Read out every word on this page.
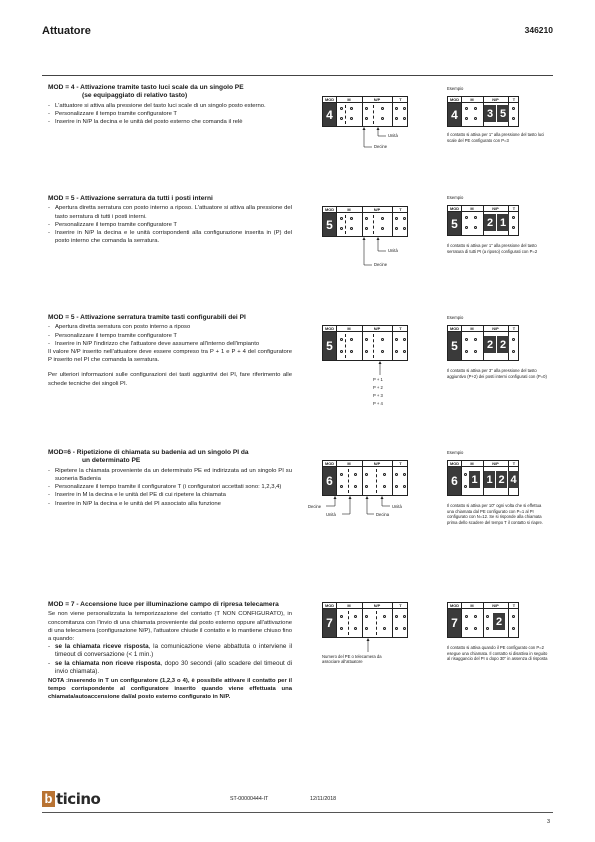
Attuatore	346210
MOD = 4 - Attivazione tramite tasto luci scale da un singolo PE
(se equipaggiato di relativo tasto)

- L'attuatore si attiva alla pressione del tasto luci scale di un singolo posto esterno.

- Personalizzare il tempo tramite configuratore T

- Inserire in N/P la decina e le unità del posto esterno che comanda il relè

MOD	M	N/P	T
4
Unità
Decine
Esempio
MOD	M	N/P	T
4	3 5
Il contatto si attiva per 1" alla pressione del tasto luci scale del PE configurato con P=3
MOD = 5 - Attivazione serratura da tutti i posti interni

- Apertura diretta serratura con posto interno a riposo. L'attuatore si attiva alla pressione del tasto serratura di tutti i posti interni.

- Personalizzare il tempo tramite configuratore T

- Inserire in N/P la decina e le unità corrispondenti alla configurazione inserita in (P) del posto interno che comanda la serratura.

MOD	M	N/P	T
5
Unità
Decine
Esempio
MOD	M	N/P	T
5	2 1
Il contatto si attiva per 1" alla pressione del tasto serratura di tutti PI (a riposo) configurati con P=2
MOD = 5 - Attivazione serratura tramite tasti configurabili dei PI

- Apertura diretta serratura con posto interno a riposo

- Personalizzare il tempo tramite configuratore T

- Inserire in N/P l'indirizzo che l'attuatore deve assumere all'interno dell'impianto

Il valore N/P inserito nell'attuatore deve essere compreso tra P + 1 e P + 4 del configuratore P inserito nel PI che comanda la serratura.

Per ulteriori informazioni sulle configurazioni dei tasti aggiuntivi dei PI, fare riferimento alle schede tecniche dei singoli PI.

MOD	M	N/P	T
5
P + 1
P + 2
P + 3
P + 4
Esempio
MOD	M	N/P	T
5	2 2
Il contatto si attiva per 3" alla pressione del tasto aggiuntivo (P+2) dei posti interni configurati con (P=0)
MOD=6 - Ripetizione di chiamata su badenia ad un singolo PI da
un determinato PE

- Ripetere la chiamata proveniente da un determinato PE ed indirizzata ad un singolo PI su suoneria Badenia

- Personalizzare il tempo tramite il configuratore T (i configuratori accettati sono: 1,2,3,4)

- Inserire in M la decina e le unità del PE di cui ripetere la chiamata

- Inserire in N/P la decina e le unità del PI associato alla funzione

MOD	M	N/P	T
6
Decine
Unità	Decina
Unità
Esempio
MOD	M	N/P	T
6 1 1 2 4
Il contatto si attiva per 10" ogni volta che si effettua una chiamata dal PE configurato con P=1 al PI configurato con N=12. Se si risponde alla chiamata prima dello scadere del tempo T il contatto si riapre.
MOD = 7 - Accensione luce per illuminazione campo di ripresa telecamera

Se non viene personalizzata la temporizzazione del contatto (T NON CONFIGURATO), in concomitanza con l'invio di una chiamata proveniente dal posto esterno oppure all'attivazione di una telecamera (configurazione N/P), l'attuatore chiude il contatto e lo mantiene chiuso fino a quando:

- se la chiamata riceve risposta, la comunicazione viene abbattuta o interviene il timeout di conversazione (< 1 min.)

- se la chiamata non riceve risposta, dopo 30 secondi (allo scadere del timeout di invio chiamata).

NOTA :inserendo in T un configuratore (1,2,3 o 4), è possibile attivare il contatto per il tempo corrispondente al configuratore inserito quando viene effettuata una chiamata/autoaccensione dal/al posto esterno configurato in N/P.

MOD	M	N/P	T
7
Numero del PE o telecamera da associare all'attuatore
MOD	M	N/P	T
7	2
Il contatto si attiva quando il PE configurato con P=2 esegue una chiamata. Il contatto si disattiva in seguito al risaggancio del PI o dopo 30" in assenza di risposta
b ticino	ST-00000444-IT	12/11/2018
3
